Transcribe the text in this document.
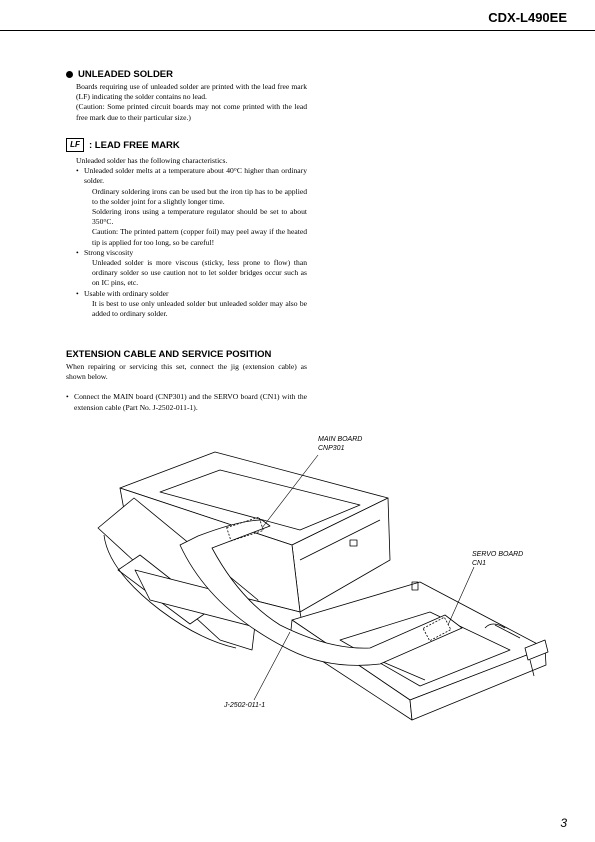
CDX-L490EE
UNLEADED SOLDER

Boards requiring use of unleaded solder are printed with the lead free mark (LF) indicating the solder contains no lead.

(Caution: Some printed circuit boards may not come printed with the lead free mark due to their particular size.)

LF : LEAD FREE MARK

Unleaded solder has the following characteristics.

• Unleaded solder melts at a temperature about 40°C higher than ordinary solder.

Ordinary soldering irons can be used but the iron tip has to be applied to the solder joint for a slightly longer time.

Soldering irons using a temperature regulator should be set to about 350°C.

Caution: The printed pattern (copper foil) may peel away if the heated tip is applied for too long, so be careful!

• Strong viscosity

Unleaded solder is more viscous (sticky, less prone to flow) than ordinary solder so use caution not to let solder bridges occur such as on IC pins, etc.

• Usable with ordinary solder

It is best to use only unleaded solder but unleaded solder may also be added to ordinary solder.

EXTENSION CABLE AND SERVICE POSITION

When repairing or servicing this set, connect the jig (extension cable) as shown below.

• Connect the MAIN board (CNP301) and the SERVO board (CN1) with the extension cable (Part No. J-2502-011-1).
MAIN BOARD
CNP301
SERVO BOARD
CN1
J-2502-011-1
3
